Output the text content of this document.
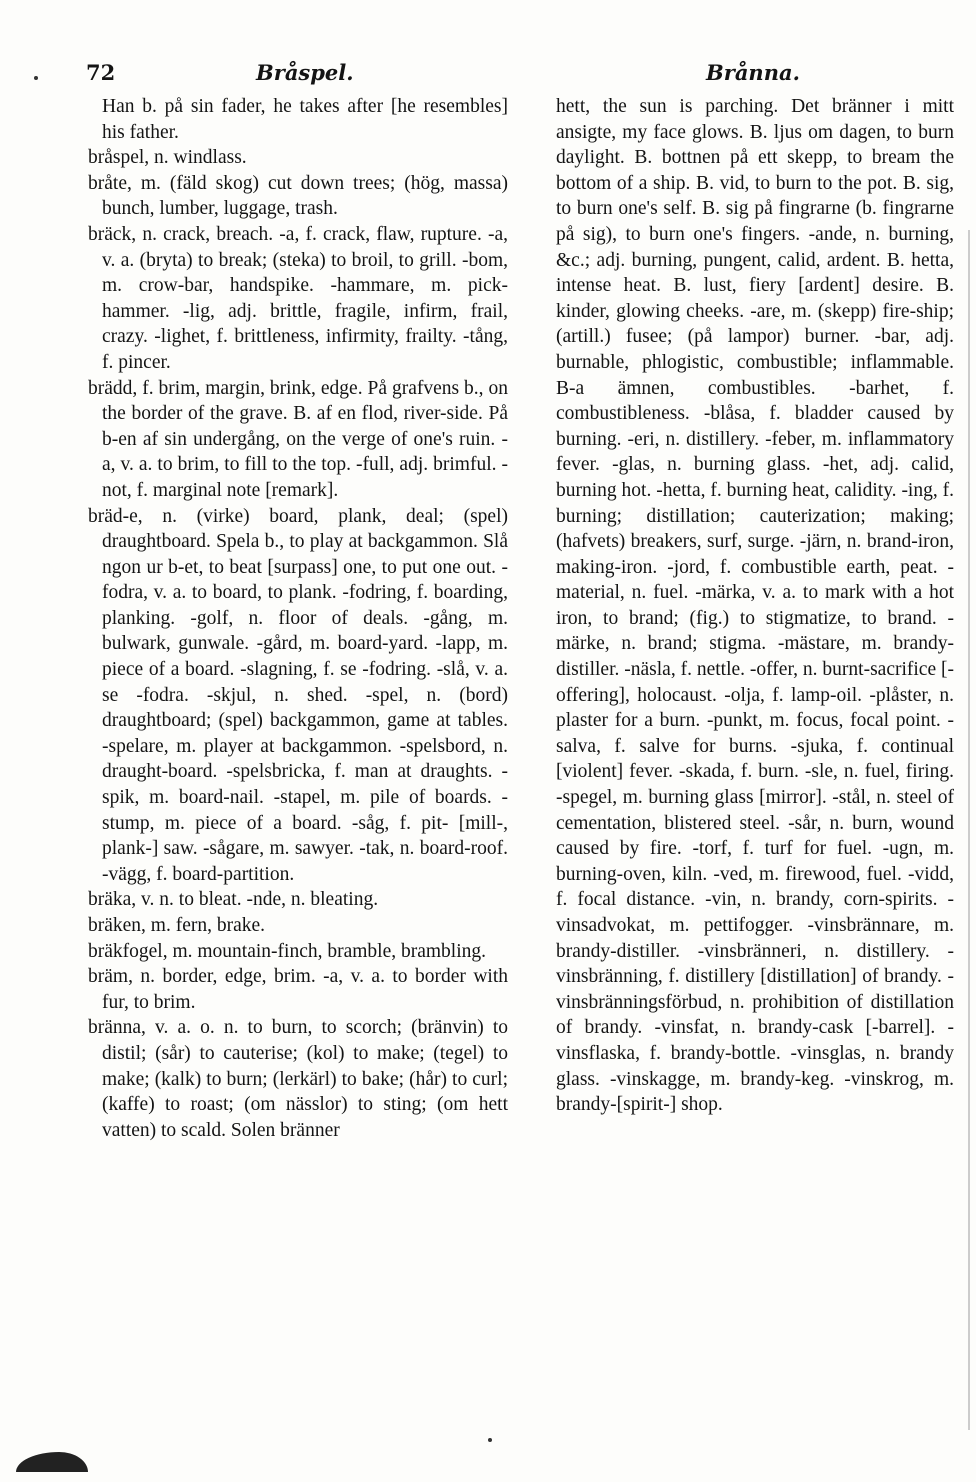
72	Bråspel.	Brånna.

Han b. på sin fader, he takes after [he resembles] his father.

bråspel, n. windlass.

bråte, m. (fäld skog) cut down trees; (hög, massa) bunch, lumber, luggage, trash.

bräck, n. crack, breach. -a, f. crack, flaw, rupture. -a, v. a. (bryta) to break; (steka) to broil, to grill. -bom, m. crow-bar, handspike. -hammare, m. pick-hammer. -lig, adj. brittle, fragile, infirm, frail, crazy. -lighet, f. brittleness, infirmity, frailty. -tång, f. pincer.

brädd, f. brim, margin, brink, edge. På grafvens b., on the border of the grave. B. af en flod, river-side. På b-en af sin undergång, on the verge of one's ruin. -a, v. a. to brim, to fill to the top. -full, adj. brimful. -not, f. marginal note [remark].

bräd-e, n. (virke) board, plank, deal; (spel) draughtboard. Spela b., to play at backgammon. Slå ngon ur b-et, to beat [surpass] one, to put one out. -fodra, v. a. to board, to plank. -fodring, f. boarding, planking. -golf, n. floor of deals. -gång, m. bulwark, gunwale. -gård, m. board-yard. -lapp, m. piece of a board. -slagning, f. se -fodring. -slå, v. a. se -fodra. -skjul, n. shed. -spel, n. (bord) draughtboard; (spel) backgammon, game at tables. -spelare, m. player at backgammon. -spelsbord, n. draught-board. -spelsbricka, f. man at draughts. -spik, m. board-nail. -stapel, m. pile of boards. -stump, m. piece of a board. -såg, f. pit- [mill-, plank-] saw. -sågare, m. sawyer. -tak, n. board-roof. -vägg, f. board-partition.

bräka, v. n. to bleat. -nde, n. bleating.

bräken, m. fern, brake.

bräkfogel, m. mountain-finch, bramble, brambling.

bräm, n. border, edge, brim. -a, v. a. to border with fur, to brim.

bränna, v. a. o. n. to burn, to scorch; (bränvin) to distil; (sår) to cauterise; (kol) to make; (tegel) to make; (kalk) to burn; (lerkärl) to bake; (hår) to curl; (kaffe) to roast; (om nässlor) to sting; (om hett vatten) to scald. Solen bränner

hett, the sun is parching. Det bränner i mitt ansigte, my face glows. B. ljus om dagen, to burn daylight. B. bottnen på ett skepp, to bream the bottom of a ship. B. vid, to burn to the pot. B. sig, to burn one's self. B. sig på fingrarne (b. fingrarne på sig), to burn one's fingers. -ande, n. burning, &c.; adj. burning, pungent, calid, ardent. B. hetta, intense heat. B. lust, fiery [ardent] desire. B. kinder, glowing cheeks. -are, m. (skepp) fire-ship; (artill.) fusee; (på lampor) burner. -bar, adj. burnable, phlogistic, combustible; inflammable. B-a ämnen, combustibles. -barhet, f. combustibleness. -blåsa, f. bladder caused by burning. -eri, n. distillery. -feber, m. inflammatory fever. -glas, n. burning glass. -het, adj. calid, burning hot. -hetta, f. burning heat, calidity. -ing, f. burning; distillation; cauterization; making; (hafvets) breakers, surf, surge. -järn, n. brand-iron, making-iron. -jord, f. combustible earth, peat. -material, n. fuel. -märka, v. a. to mark with a hot iron, to brand; (fig.) to stigmatize, to brand. -märke, n. brand; stigma. -mästare, m. brandy-distiller. -näsla, f. nettle. -offer, n. burnt-sacrifice [-offering], holocaust. -olja, f. lamp-oil. -plåster, n. plaster for a burn. -punkt, m. focus, focal point. -salva, f. salve for burns. -sjuka, f. continual [violent] fever. -skada, f. burn. -sle, n. fuel, firing. -spegel, m. burning glass [mirror]. -stål, n. steel of cementation, blistered steel. -sår, n. burn, wound caused by fire. -torf, f. turf for fuel. -ugn, m. burning-oven, kiln. -ved, m. firewood, fuel. -vidd, f. focal distance. -vin, n. brandy, corn-spirits. -vinsadvokat, m. pettifogger. -vinsbrännare, m. brandy-distiller. -vinsbränneri, n. distillery. -vinsbränning, f. distillery [distillation] of brandy. -vinsbränningsförbud, n. prohibition of distillation of brandy. -vinsfat, n. brandy-cask [-barrel]. -vinsflaska, f. brandy-bottle. -vinsglas, n. brandy glass. -vinskagge, m. brandy-keg. -vinskrog, m. brandy-[spirit-] shop.
